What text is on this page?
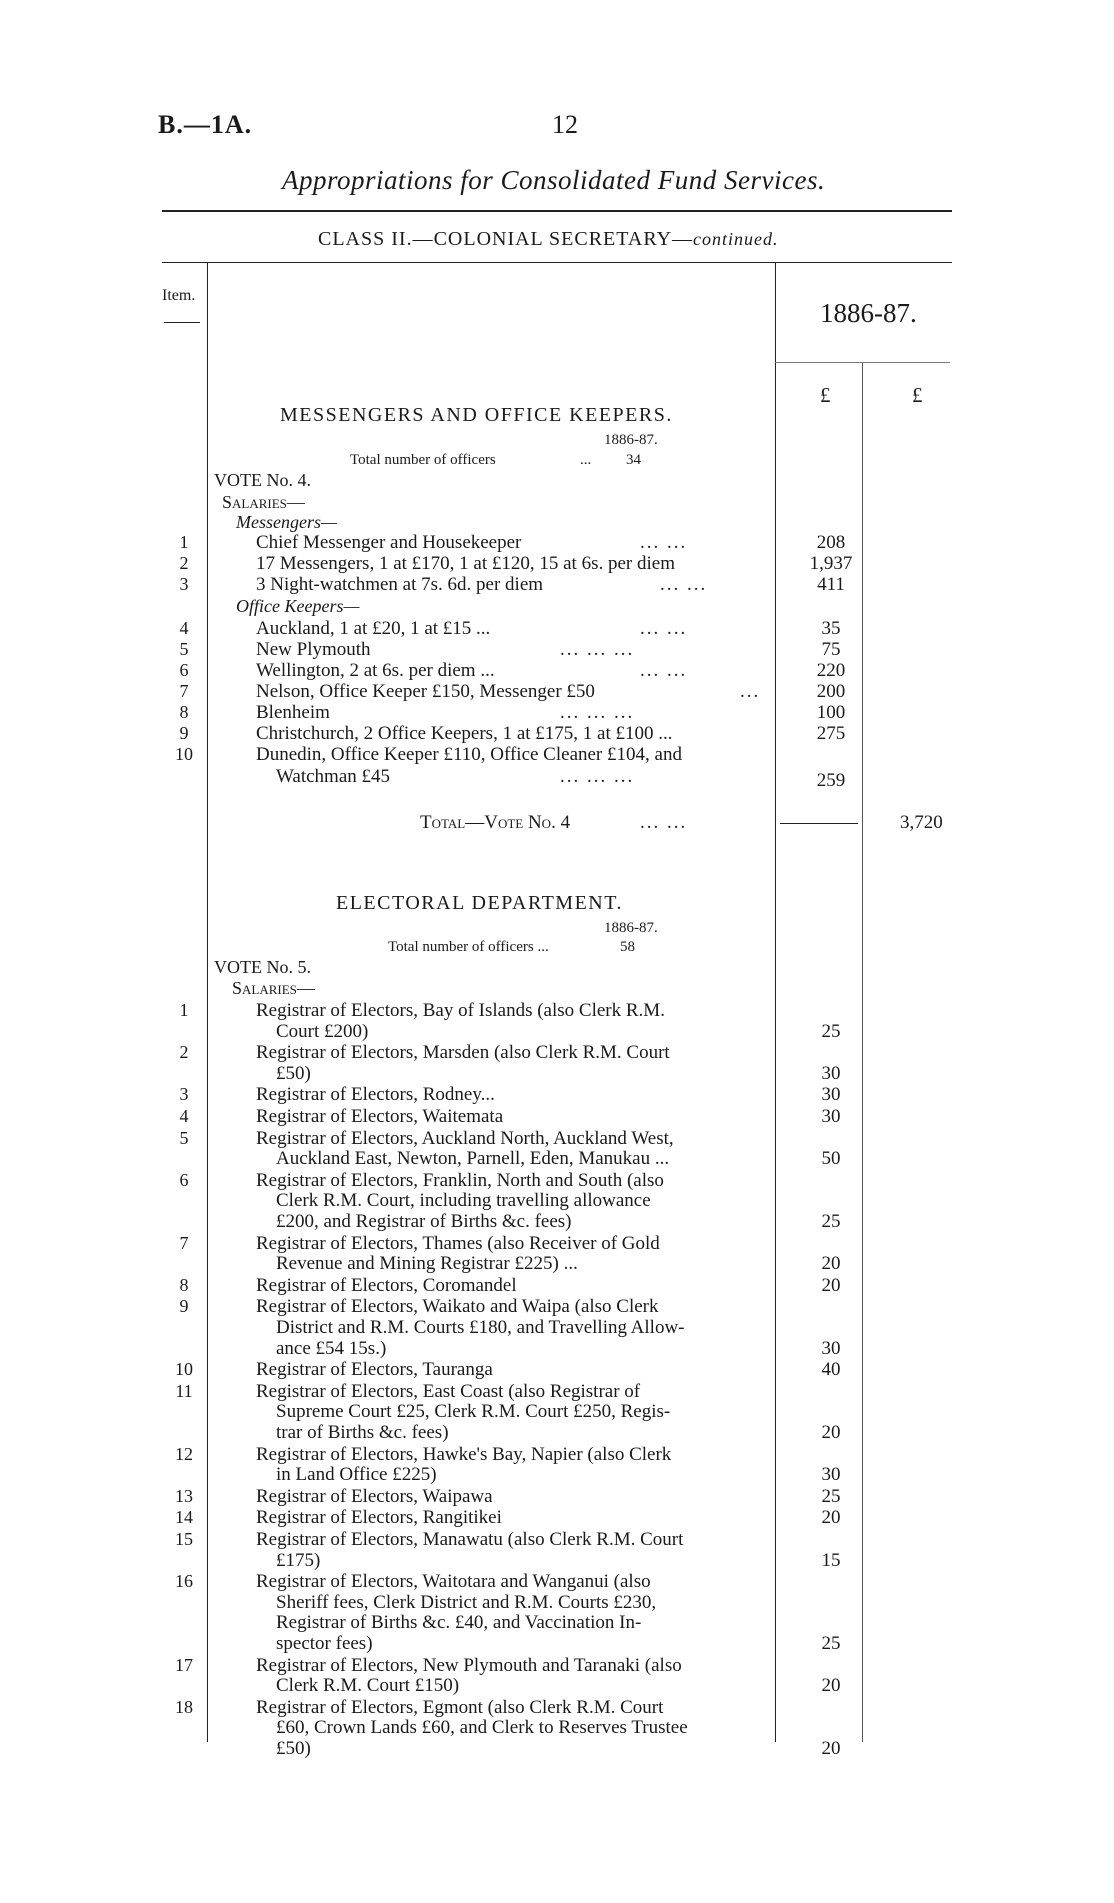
B.—1A.	12
Appropriations for Consolidated Fund Services.
CLASS II.—COLONIAL SECRETARY—continued.
Item.
1886-87.
£	£
MESSENGERS AND OFFICE KEEPERS.
1886-87.
Total number of officers	... 34
VOTE No. 4.
Salaries—
Messengers—
1	Chief Messenger and Housekeeper	... ...	208
2	17 Messengers, 1 at £170, 1 at £120, 15 at 6s. per diem	1,937
3	3 Night-watchmen at 7s. 6d. per diem	... ...	411
Office Keepers—
4	Auckland, 1 at £20, 1 at £15 ...	... ...	35
5	New Plymouth	... ... ...	75
6	Wellington, 2 at 6s. per diem ...	... ...	220
7	Nelson, Office Keeper £150, Messenger £50	...	200
8	Blenheim	... ... ...	100
9	Christchurch, 2 Office Keepers, 1 at £175, 1 at £100 ...	275
10	Dunedin, Office Keeper £110, Office Cleaner £104, and
Watchman £45	... ... ...	259
Total—Vote No. 4	... ...	3,720
ELECTORAL DEPARTMENT.
1886-87.
Total number of officers ...	58
VOTE No. 5.
Salaries—
1	Registrar of Electors, Bay of Islands (also Clerk R.M.
Court £200)	25
2	Registrar of Electors, Marsden (also Clerk R.M. Court
£50)	30
3	Registrar of Electors, Rodney...	30
4	Registrar of Electors, Waitemata	30
5	Registrar of Electors, Auckland North, Auckland West,
Auckland East, Newton, Parnell, Eden, Manukau ...	50
6	Registrar of Electors, Franklin, North and South (also
Clerk R.M. Court, including travelling allowance
£200, and Registrar of Births &c. fees)	25
7	Registrar of Electors, Thames (also Receiver of Gold
Revenue and Mining Registrar £225) ...	20
8	Registrar of Electors, Coromandel	20
9	Registrar of Electors, Waikato and Waipa (also Clerk
District and R.M. Courts £180, and Travelling Allow-
ance £54 15s.)	30
10	Registrar of Electors, Tauranga	40
11	Registrar of Electors, East Coast (also Registrar of
Supreme Court £25, Clerk R.M. Court £250, Regis-
trar of Births &c. fees)	20
12	Registrar of Electors, Hawke's Bay, Napier (also Clerk
in Land Office £225)	30
13	Registrar of Electors, Waipawa	25
14	Registrar of Electors, Rangitikei	20
15	Registrar of Electors, Manawatu (also Clerk R.M. Court
£175)	15
16	Registrar of Electors, Waitotara and Wanganui (also
Sheriff fees, Clerk District and R.M. Courts £230,
Registrar of Births &c. £40, and Vaccination In-
spector fees)	25
17	Registrar of Electors, New Plymouth and Taranaki (also
Clerk R.M. Court £150)	20
18	Registrar of Electors, Egmont (also Clerk R.M. Court
£60, Crown Lands £60, and Clerk to Reserves Trustee
£50)	20
